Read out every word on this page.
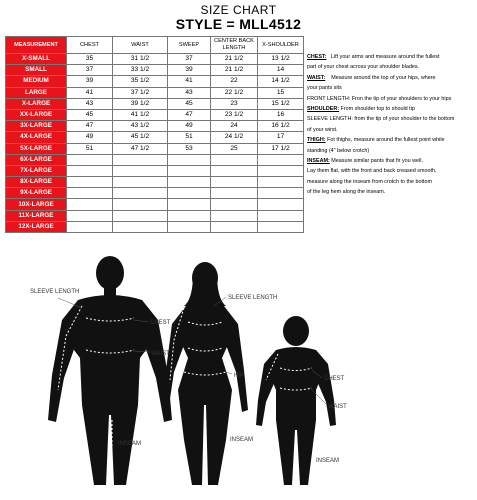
SIZE CHART
STYLE = MLL4512
MEASUREMENT	CHEST	WAIST	SWEEP	CENTER BACK LENGTH	X-SHOULDER
X-SMALL	35	31 1/2	37	21 1/2	13 1/2
SMALL	37	33 1/2	39	21 1/2	14
MEDIUM	39	35 1/2	41	22	14 1/2
LARGE	41	37 1/2	43	22 1/2	15
X-LARGE	43	39 1/2	45	23	15 1/2
XX-LARGE	45	41 1/2	47	23 1/2	16
3X-LARGE	47	43 1/2	49	24	16 1/2
4X-LARGE	49	45 1/2	51	24 1/2	17
5X-LARGE	51	47 1/2	53	25	17 1/2
6X-LARGE					
7X-LARGE					
8X-LARGE					
9X-LARGE					
10X-LARGE					
11X-LARGE					
12X-LARGE					
CHEST: Lift your arms and measure around the fullest
part of your chest across your shoulder blades.
WAIST: Measure around the top of your hips, where
your pants sits
FRONT LENGTH: Fron the tip of your shoulders to your hips
SHOULDER: From shoulder top to should tip
SLEEVE LENGTH: from the tip of your shoulder to the bottom
of your wirst.
THIGH: Fot thighs, measure around the fullest point while
standing (4" below crotch)
INSEAM: Measure similar pants that fir you well.
Lay them flat, with the front and back creased smooth,
measure along the inseam from crotch to the bottom
of the leg hem along the inseam.
SLEEVE LENGTH
CHEST
WAIST
INSEAM
SLEEVE LENGTH
HIP
INSEAM
CHEST
WAIST
INSEAM
